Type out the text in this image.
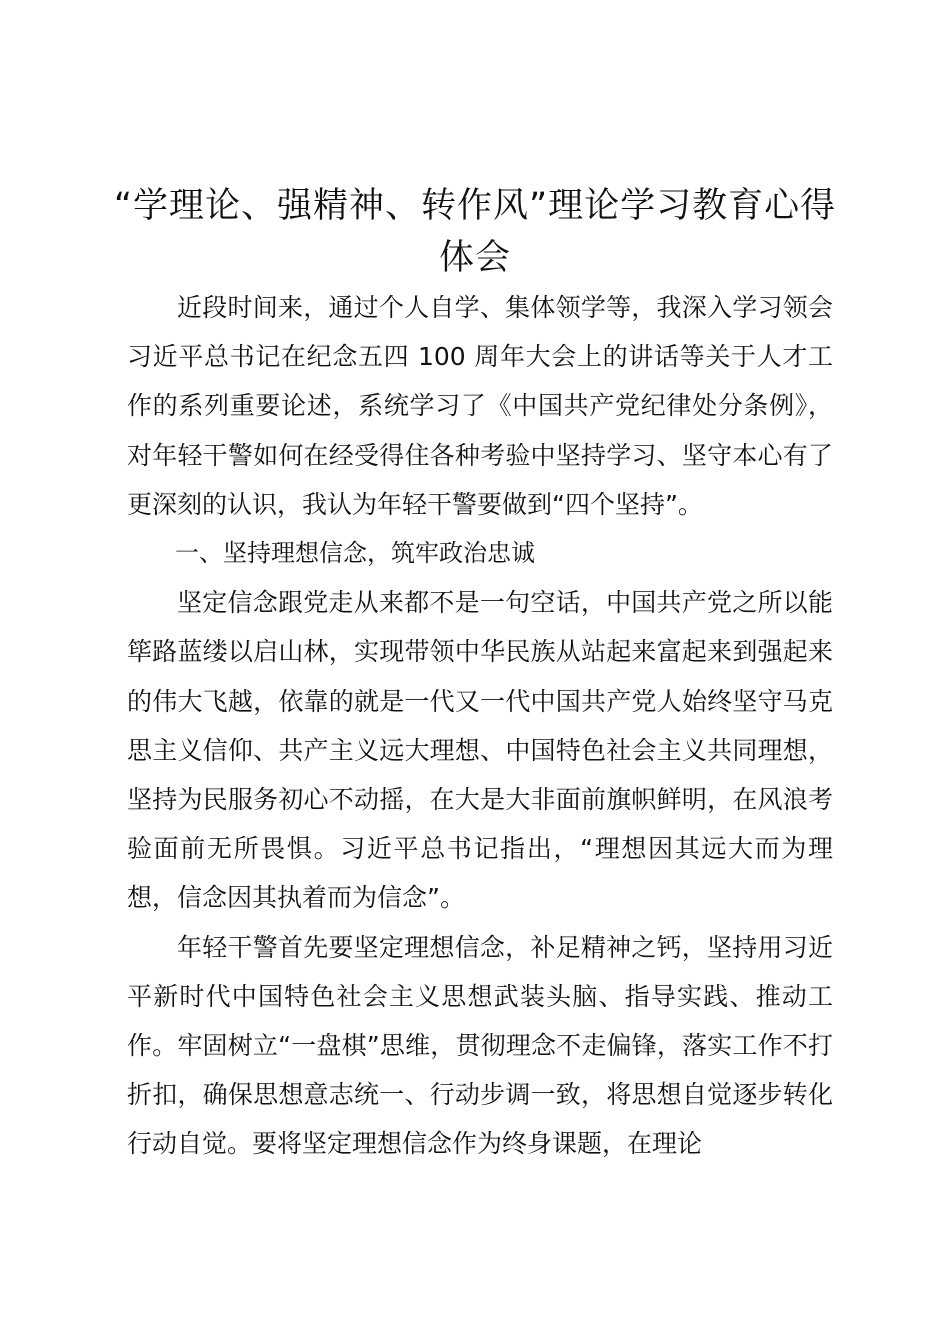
“学理论、强精神、转作风”理论学习教育心得体会

近段时间来，通过个人自学、集体领学等，我深入学习领会习近平总书记在纪念五四 100 周年大会上的讲话等关于人才工作的系列重要论述，系统学习了《中国共产党纪律处分条例》，对年轻干警如何在经受得住各种考验中坚持学习、坚守本心有了更深刻的认识，我认为年轻干警要做到“四个坚持”。

一、坚持理想信念，筑牢政治忠诚

坚定信念跟党走从来都不是一句空话，中国共产党之所以能筚路蓝缕以启山林，实现带领中华民族从站起来富起来到强起来的伟大飞越，依靠的就是一代又一代中国共产党人始终坚守马克思主义信仰、共产主义远大理想、中国特色社会主义共同理想，坚持为民服务初心不动摇，在大是大非面前旗帜鲜明，在风浪考验面前无所畏惧。习近平总书记指出，“理想因其远大而为理想，信念因其执着而为信念”。

年轻干警首先要坚定理想信念，补足精神之钙，坚持用习近平新时代中国特色社会主义思想武装头脑、指导实践、推动工作。牢固树立“一盘棋”思维，贯彻理念不走偏锋，落实工作不打折扣，确保思想意志统一、行动步调一致，将思想自觉逐步转化行动自觉。要将坚定理想信念作为终身课题，在理论
